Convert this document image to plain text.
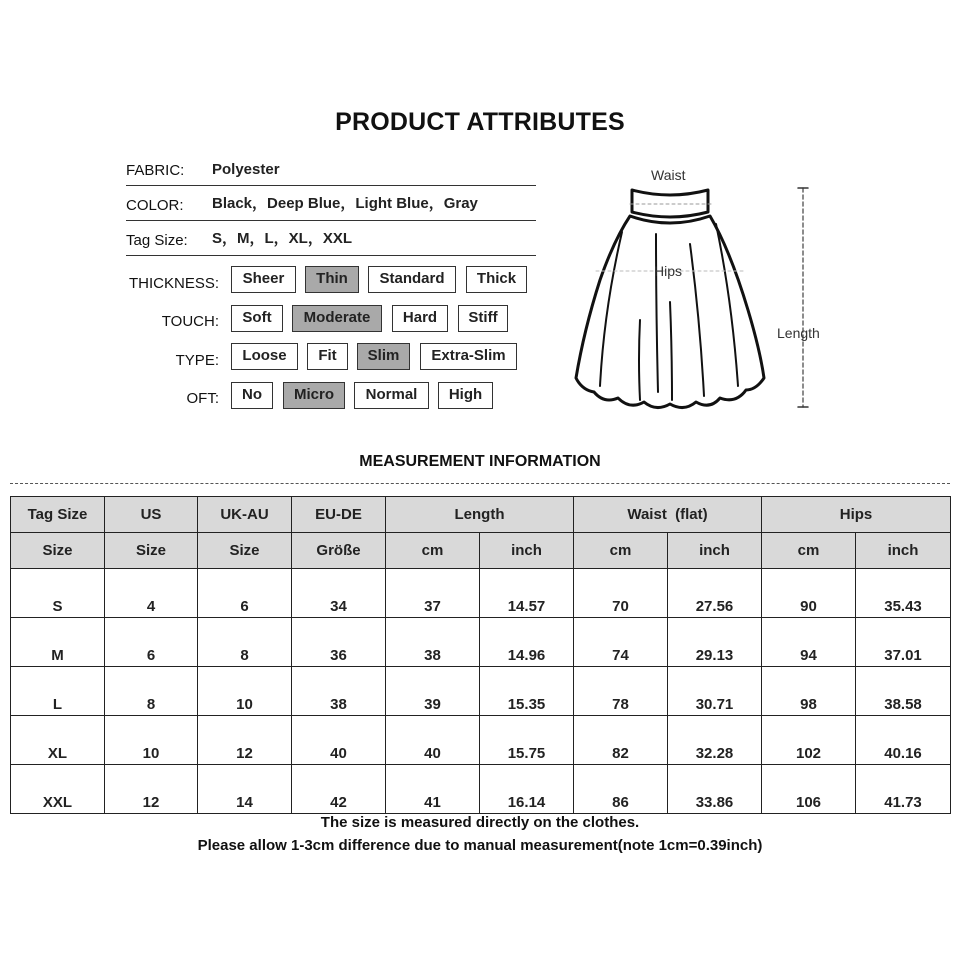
PRODUCT ATTRIBUTES
FABRIC: Polyester
COLOR: Black，Deep Blue，Light Blue，Gray
Tag Size: S，M，L，XL，XXL
THICKNESS:	Sheer	Thin	Standard	Thick
TOUCH:	Soft	Moderate	Hard	Stiff
TYPE:	Loose	Fit	Slim	Extra-Slim
OFT:	No	Micro	Normal	High
Waist
Hips
Length
MEASUREMENT INFORMATION
Tag Size	US	UK-AU	EU-DE	Length		Waist  (flat)		Hips	
Size	Size	Size	Größe	cm	inch	cm	inch	cm	inch
S	4	6	34	37	14.57	70	27.56	90	35.43
M	6	8	36	38	14.96	74	29.13	94	37.01
L	8	10	38	39	15.35	78	30.71	98	38.58
XL	10	12	40	40	15.75	82	32.28	102	40.16
XXL	12	14	42	41	16.14	86	33.86	106	41.73
The size is measured directly on the clothes.
Please allow 1-3cm difference due to manual measurement(note 1cm=0.39inch)
